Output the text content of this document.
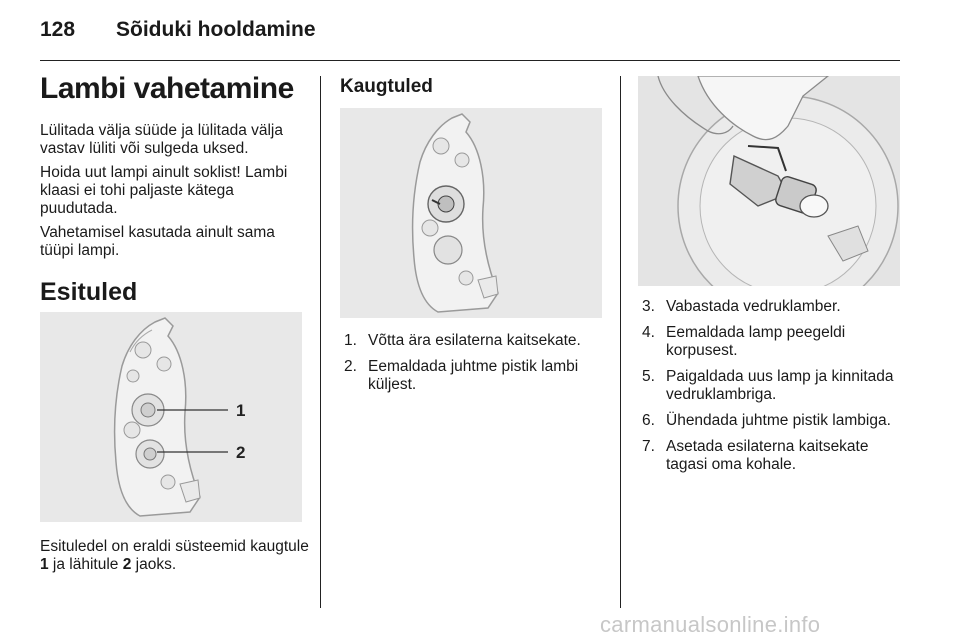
128 Sõiduki hooldamine
Lambi vahetamine
Lülitada välja süüde ja lülitada välja vastav lüliti või sulgeda uksed.
Hoida uut lampi ainult soklist! Lambi klaasi ei tohi paljaste kätega puudutada.
Vahetamisel kasutada ainult sama tüüpi lampi.
Esituled
1
2
Esituledel on eraldi süsteemid kaugtule 1 ja lähitule 2 jaoks.
Kaugtuled
1. Võtta ära esilaterna kaitsekate.
2. Eemaldada juhtme pistik lambi küljest.
3. Vabastada vedruklamber.
4. Eemaldada lamp peegeldi korpusest.
5. Paigaldada uus lamp ja kinnitada vedruklambriga.
6. Ühendada juhtme pistik lambiga.
7. Asetada esilaterna kaitsekate tagasi oma kohale.
carmanualsonline.info
